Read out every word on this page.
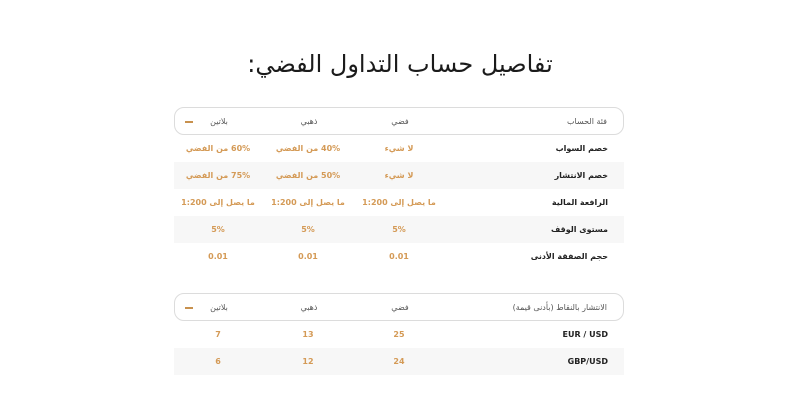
تفاصيل حساب التداول الفضي:
فئة الحساب
فضي
ذهبي
بلاتين
خصم السواب
لا شيء
40% من الفضي
60% من الفضي
خصم الانتشار
لا شيء
50% من الفضي
75% من الفضي
الرافعة المالية
ما يصل إلى 1:200
ما يصل إلى 1:200
ما يصل إلى 1:200
مستوى الوقف
5%
5%
5%
حجم الصفقة الأدنى
0.01
0.01
0.01
الانتشار بالنقاط (بأدنى قيمة)
فضي
ذهبي
بلاتين
EUR / USD
25
13
7
GBP/USD
24
12
6
